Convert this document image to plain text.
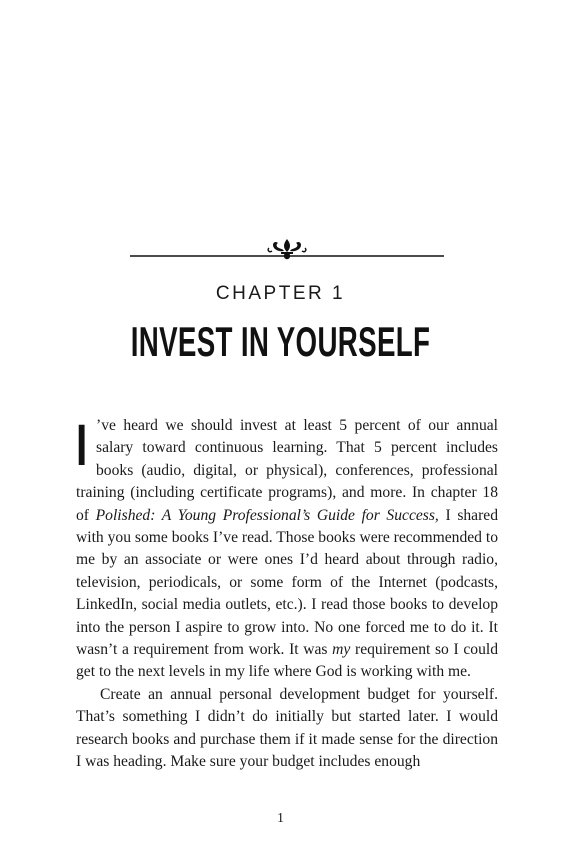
CHAPTER 1
INVEST IN YOURSELF

I ’ve heard we should invest at least 5 percent of our annual salary toward continuous learning. That 5 percent includes books (audio, digital, or physical), conferences, professional training (including certificate programs), and more. In chapter 18 of Polished: A Young Professional’s Guide for Success, I shared with you some books I’ve read. Those books were recommended to me by an associate or were ones I’d heard about through radio, television, periodicals, or some form of the Internet (podcasts, LinkedIn, social media outlets, etc.). I read those books to develop into the person I aspire to grow into. No one forced me to do it. It wasn’t a requirement from work. It was my requirement so I could get to the next levels in my life where God is working with me.

Create an annual personal development budget for yourself. That’s something I didn’t do initially but started later. I would research books and purchase them if it made sense for the direction I was heading. Make sure your budget includes enough

1
